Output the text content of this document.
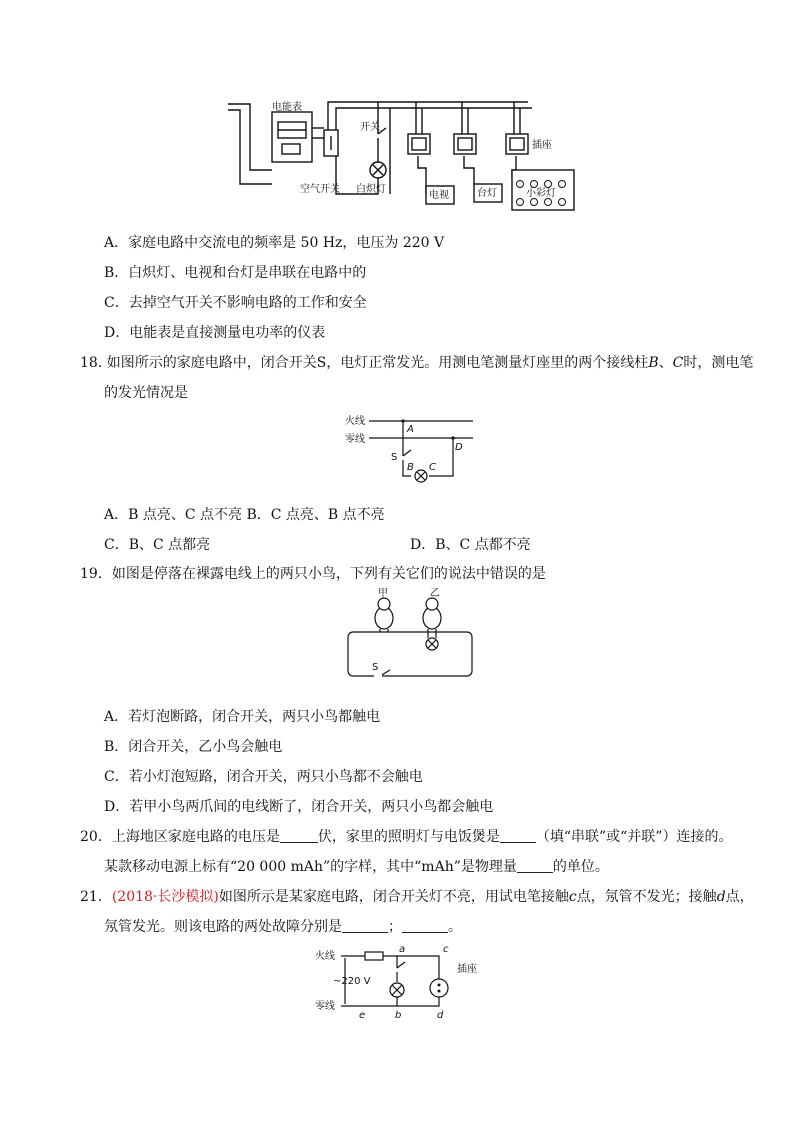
电能表
空气开关
开关
白炽灯
电视	台灯
插座
小彩灯
A．家庭电路中交流电的频率是 50 Hz，电压为 220 V
B．白炽灯、电视和台灯是串联在电路中的
C．去掉空气开关不影响电路的工作和安全
D．电能表是直接测量电功率的仪表
18. 如图所示的家庭电路中，闭合开关S，电灯正常发光。用测电笔测量灯座里的两个接线柱B、C时，测电笔
的发光情况是
火线
零线
A
S
B C
D
A．B 点亮、C 点不亮 B．C 点亮、B 点不亮
C．B、C 点都亮	D．B、C 点都不亮
19．如图是停落在裸露电线上的两只小鸟，下列有关它们的说法中错误的是
甲	乙
S
A．若灯泡断路，闭合开关，两只小鸟都触电
B．闭合开关，乙小鸟会触电
C．若小灯泡短路，闭合开关，两只小鸟都不会触电
D．若甲小鸟两爪间的电线断了，闭合开关，两只小鸟都会触电
20．上海地区家庭电路的电压是	伏，家里的照明灯与电饭煲是	（填“串联”或“并联”）连接的。
某款移动电源上标有“20 000 mAh”的字样，其中“mAh”是物理量	的单位。
21．(2018·长沙模拟)如图所示是某家庭电路，闭合开关灯不亮，用试电笔接触c点，氖管不发光；接触d点，
氖管发光。则该电路的两处故障分别是	；	。
火线
~220 V
零线
插座
a
b
c
d
e
